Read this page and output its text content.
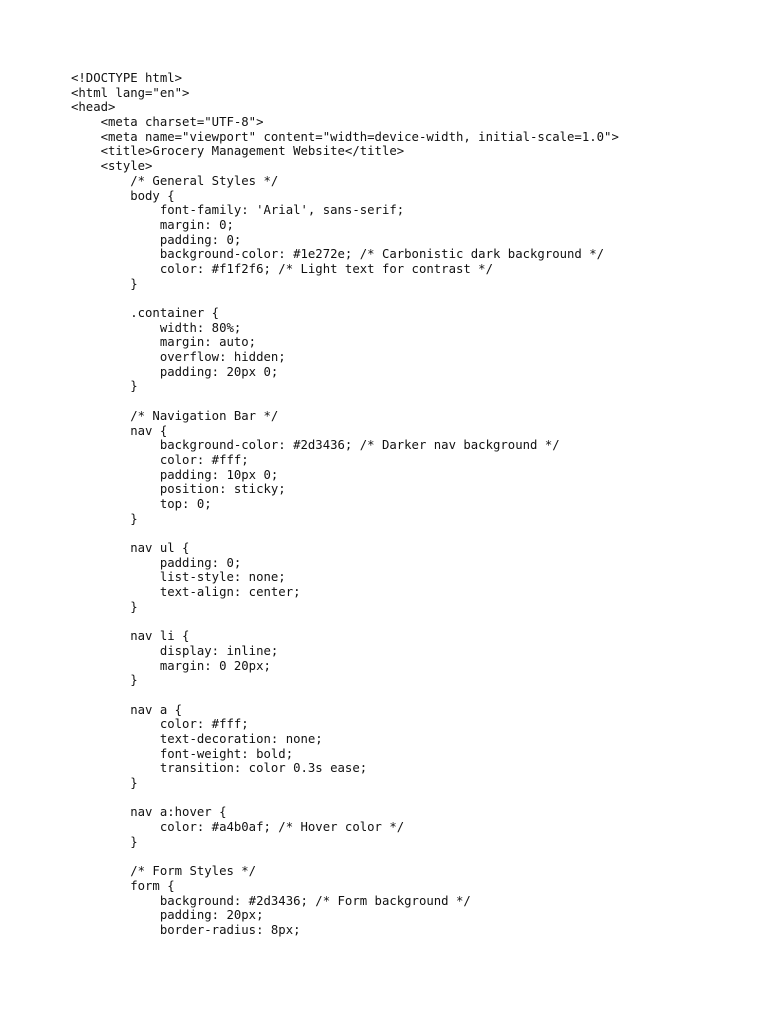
<!DOCTYPE html>
<html lang="en">
<head>
<meta charset="UTF-8">
<meta name="viewport" content="width=device-width, initial-scale=1.0">
<title>Grocery Management Website</title>
<style>
/* General Styles */
body {
font-family: 'Arial', sans-serif;
margin: 0;
padding: 0;
background-color: #1e272e; /* Carbonistic dark background */
color: #f1f2f6; /* Light text for contrast */
}
.container {
width: 80%;
margin: auto;
overflow: hidden;
padding: 20px 0;
}
/* Navigation Bar */
nav {
background-color: #2d3436; /* Darker nav background */
color: #fff;
padding: 10px 0;
position: sticky;
top: 0;
}
nav ul {
padding: 0;
list-style: none;
text-align: center;
}
nav li {
display: inline;
margin: 0 20px;
}
nav a {
color: #fff;
text-decoration: none;
font-weight: bold;
transition: color 0.3s ease;
}
nav a:hover {
color: #a4b0af; /* Hover color */
}
/* Form Styles */
form {
background: #2d3436; /* Form background */
padding: 20px;
border-radius: 8px;
